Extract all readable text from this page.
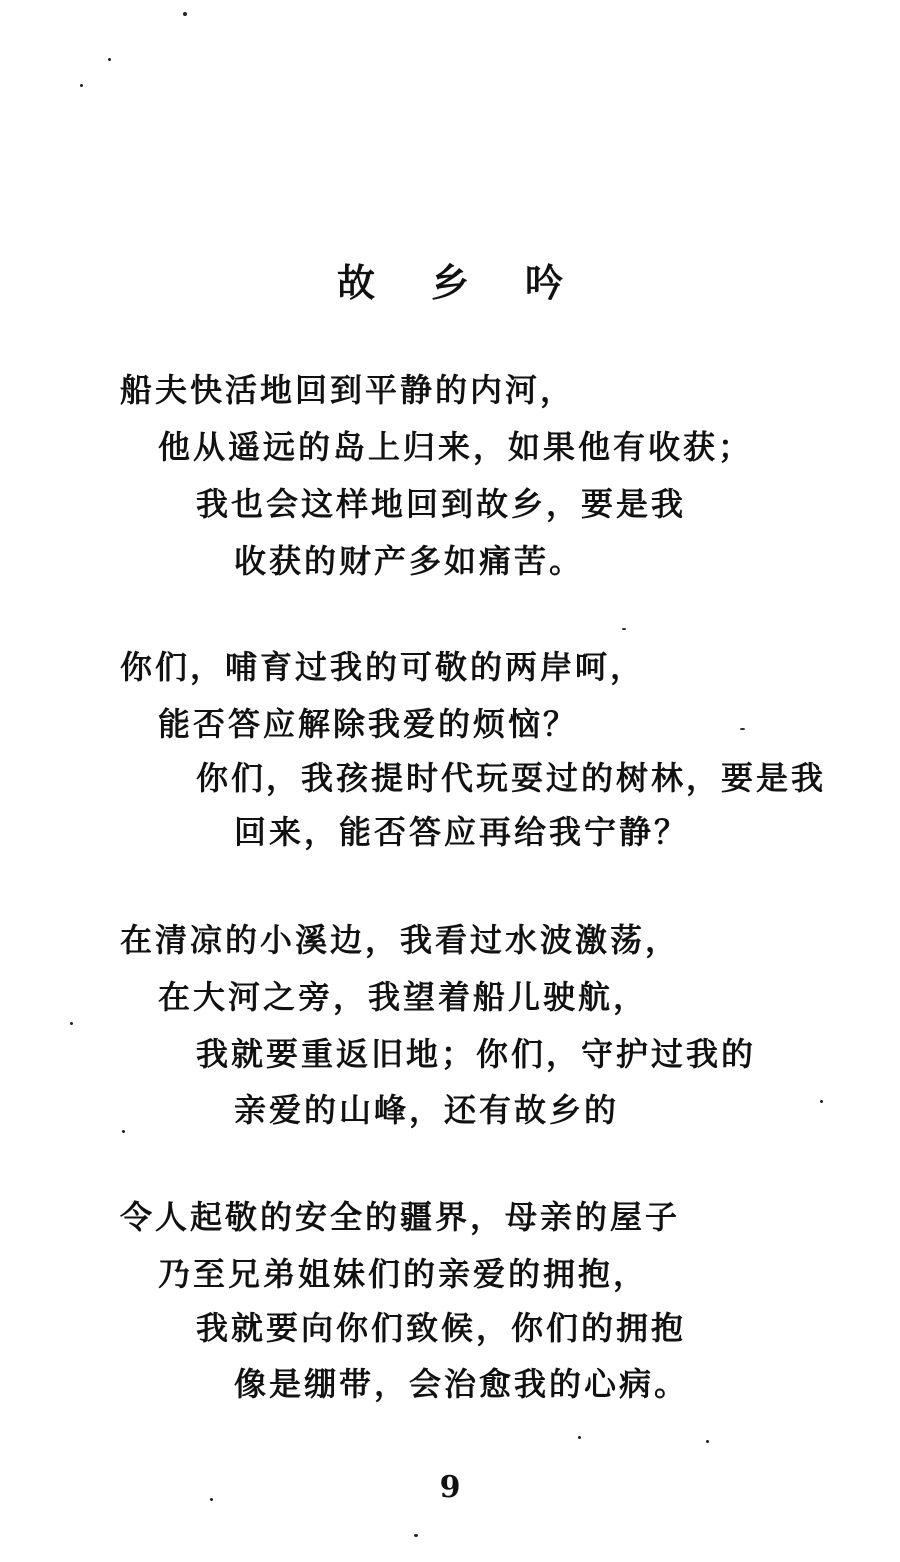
故乡吟
船夫快活地回到平静的内河，
他从遥远的岛上归来，如果他有收获；
我也会这样地回到故乡，要是我
收获的财产多如痛苦。
你们，哺育过我的可敬的两岸呵，
能否答应解除我爱的烦恼？
你们，我孩提时代玩耍过的树林，要是我
回来，能否答应再给我宁静？
在清凉的小溪边，我看过水波激荡，
在大河之旁，我望着船儿驶航，
我就要重返旧地；你们，守护过我的
亲爱的山峰，还有故乡的
令人起敬的安全的疆界，母亲的屋子
乃至兄弟姐妹们的亲爱的拥抱，
我就要向你们致候，你们的拥抱
像是绷带，会治愈我的心病。
9
